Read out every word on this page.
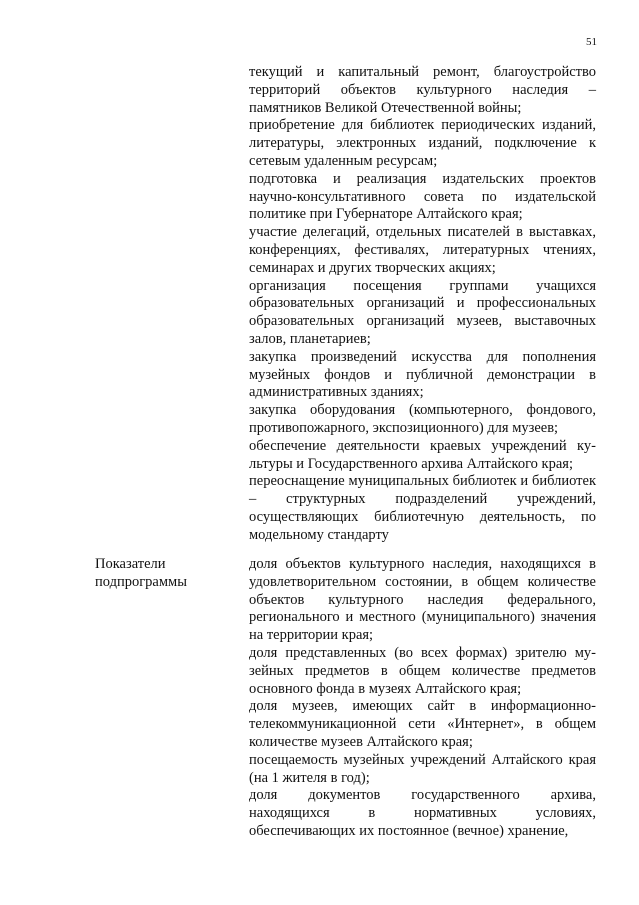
51

текущий и капитальный ремонт, благоустройство территорий объектов культурного наследия – памятников Великой Отечественной войны;

приобретение для библиотек периодических изданий, литературы, электронных изданий, подключение к сетевым удаленным ресурсам;

подготовка и реализация издательских проектов научно-консультативного совета по издательской политике при Губернаторе Алтайского края;

участие делегаций, отдельных писателей в выставках, конференциях, фестивалях, литературных чтениях, семинарах и других творческих акциях;

организация посещения группами учащихся образовательных организаций и профессиональных образовательных организаций музеев, выставочных залов, планетариев;

закупка произведений искусства для пополнения музейных фондов и публичной демонстрации в административных зданиях;

закупка оборудования (компьютерного, фондового, противопожарного, экспозиционного) для музеев;

обеспечение деятельности краевых учреждений культуры и Государственного архива Алтайского края;

переоснащение муниципальных библиотек и библиотек – структурных подразделений учреждений, осуществляющих библиотечную деятельность, по модельному стандарту

Показатели подпрограммы

доля объектов культурного наследия, находящихся в удовлетворительном состоянии, в общем количестве объектов культурного наследия федерального, регионального и местного (муниципального) значения на территории края;

доля представленных (во всех формах) зрителю музейных предметов в общем количестве предметов основного фонда в музеях Алтайского края;

доля музеев, имеющих сайт в информационно-телекоммуникационной сети «Интернет», в общем количестве музеев Алтайского края;

посещаемость музейных учреждений Алтайского края (на 1 жителя в год);

доля документов государственного архива, находящихся в нормативных условиях, обеспечивающих их постоянное (вечное) хранение,
